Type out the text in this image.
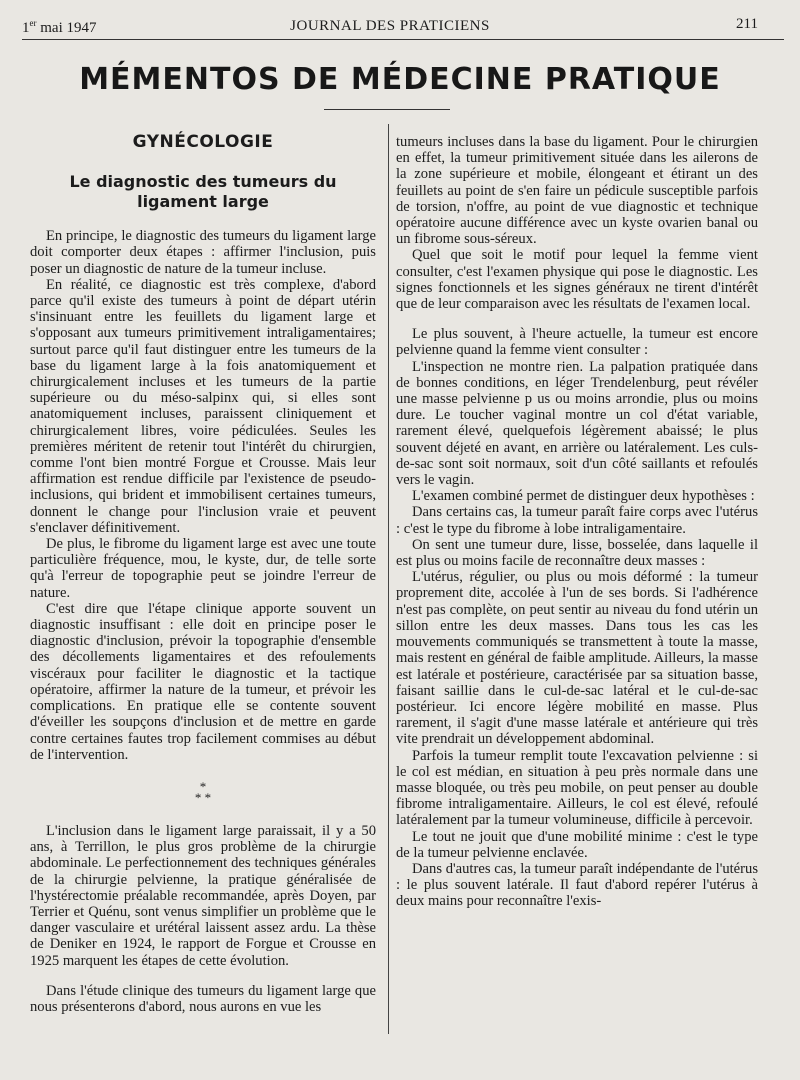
1er mai 1947	JOURNAL DES PRATICIENS	211
MÉMENTOS DE MÉDECINE PRATIQUE
GYNÉCOLOGIE
Le diagnostic des tumeurs du ligament large

En principe, le diagnostic des tumeurs du ligament large doit comporter deux étapes : affirmer l'inclusion, puis poser un diagnostic de nature de la tumeur incluse.

En réalité, ce diagnostic est très complexe, d'abord parce qu'il existe des tumeurs à point de départ utérin s'insinuant entre les feuillets du ligament large et s'opposant aux tumeurs primitivement intraligamentaires; surtout parce qu'il faut distinguer entre les tumeurs de la base du ligament large à la fois anatomiquement et chirurgicalement incluses et les tumeurs de la partie supérieure ou du méso-salpinx qui, si elles sont anatomiquement incluses, paraissent cliniquement et chirurgicalement libres, voire pédiculées. Seules les premières méritent de retenir tout l'intérêt du chirurgien, comme l'ont bien montré Forgue et Crousse. Mais leur affirmation est rendue difficile par l'existence de pseudo-inclusions, qui brident et immobilisent certaines tumeurs, donnent le change pour l'inclusion vraie et peuvent s'enclaver définitivement.

De plus, le fibrome du ligament large est avec une toute particulière fréquence, mou, le kyste, dur, de telle sorte qu'à l'erreur de topographie peut se joindre l'erreur de nature.

C'est dire que l'étape clinique apporte souvent un diagnostic insuffisant : elle doit en principe poser le diagnostic d'inclusion, prévoir la topographie d'ensemble des décollements ligamentaires et des refoulements viscéraux pour faciliter le diagnostic et la tactique opératoire, affirmer la nature de la tumeur, et prévoir les complications. En pratique elle se contente souvent d'éveiller les soupçons d'inclusion et de mettre en garde contre certaines fautes trop facilement commises au début de l'intervention.

*
* *

L'inclusion dans le ligament large paraissait, il y a 50 ans, à Terrillon, le plus gros problème de la chirurgie abdominale. Le perfectionnement des techniques générales de la chirurgie pelvienne, la pratique généralisée de l'hystérectomie préalable recommandée, après Doyen, par Terrier et Quénu, sont venus simplifier un problème que le danger vasculaire et urétéral laissent assez ardu. La thèse de Deniker en 1924, le rapport de Forgue et Crousse en 1925 marquent les étapes de cette évolution.

Dans l'étude clinique des tumeurs du ligament large que nous présenterons d'abord, nous aurons en vue les

tumeurs incluses dans la base du ligament. Pour le chirurgien en effet, la tumeur primitivement située dans les ailerons de la zone supérieure et mobile, élongeant et étirant un des feuillets au point de s'en faire un pédicule susceptible parfois de torsion, n'offre, au point de vue diagnostic et technique opératoire aucune différence avec un kyste ovarien banal ou un fibrome sous-séreux.

Quel que soit le motif pour lequel la femme vient consulter, c'est l'examen physique qui pose le diagnostic. Les signes fonctionnels et les signes généraux ne tirent d'intérêt que de leur comparaison avec les résultats de l'examen local.

Le plus souvent, à l'heure actuelle, la tumeur est encore pelvienne quand la femme vient consulter :

L'inspection ne montre rien. La palpation pratiquée dans de bonnes conditions, en léger Trendelenburg, peut révéler une masse pelvienne p us ou moins arrondie, plus ou moins dure. Le toucher vaginal montre un col d'état variable, rarement élevé, quelquefois légèrement abaissé; le plus souvent déjeté en avant, en arrière ou latéralement. Les culs-de-sac sont soit normaux, soit d'un côté saillants et refoulés vers le vagin.

L'examen combiné permet de distinguer deux hypothèses :

Dans certains cas, la tumeur paraît faire corps avec l'utérus : c'est le type du fibrome à lobe intraligamentaire.

On sent une tumeur dure, lisse, bosselée, dans laquelle il est plus ou moins facile de reconnaître deux masses :

L'utérus, régulier, ou plus ou mois déformé : la tumeur proprement dite, accolée à l'un de ses bords. Si l'adhérence n'est pas complète, on peut sentir au niveau du fond utérin un sillon entre les deux masses. Dans tous les cas les mouvements communiqués se transmettent à toute la masse, mais restent en général de faible amplitude. Ailleurs, la masse est latérale et postérieure, caractérisée par sa situation basse, faisant saillie dans le cul-de-sac latéral et le cul-de-sac postérieur. Ici encore légère mobilité en masse. Plus rarement, il s'agit d'une masse latérale et antérieure qui très vite prendrait un développement abdominal.

Parfois la tumeur remplit toute l'excavation pelvienne : si le col est médian, en situation à peu près normale dans une masse bloquée, ou très peu mobile, on peut penser au double fibrome intraligamentaire. Ailleurs, le col est élevé, refoulé latéralement par la tumeur volumineuse, difficile à percevoir.

Le tout ne jouit que d'une mobilité minime : c'est le type de la tumeur pelvienne enclavée.

Dans d'autres cas, la tumeur paraît indépendante de l'utérus : le plus souvent latérale. Il faut d'abord repérer l'utérus à deux mains pour reconnaître l'exis-
